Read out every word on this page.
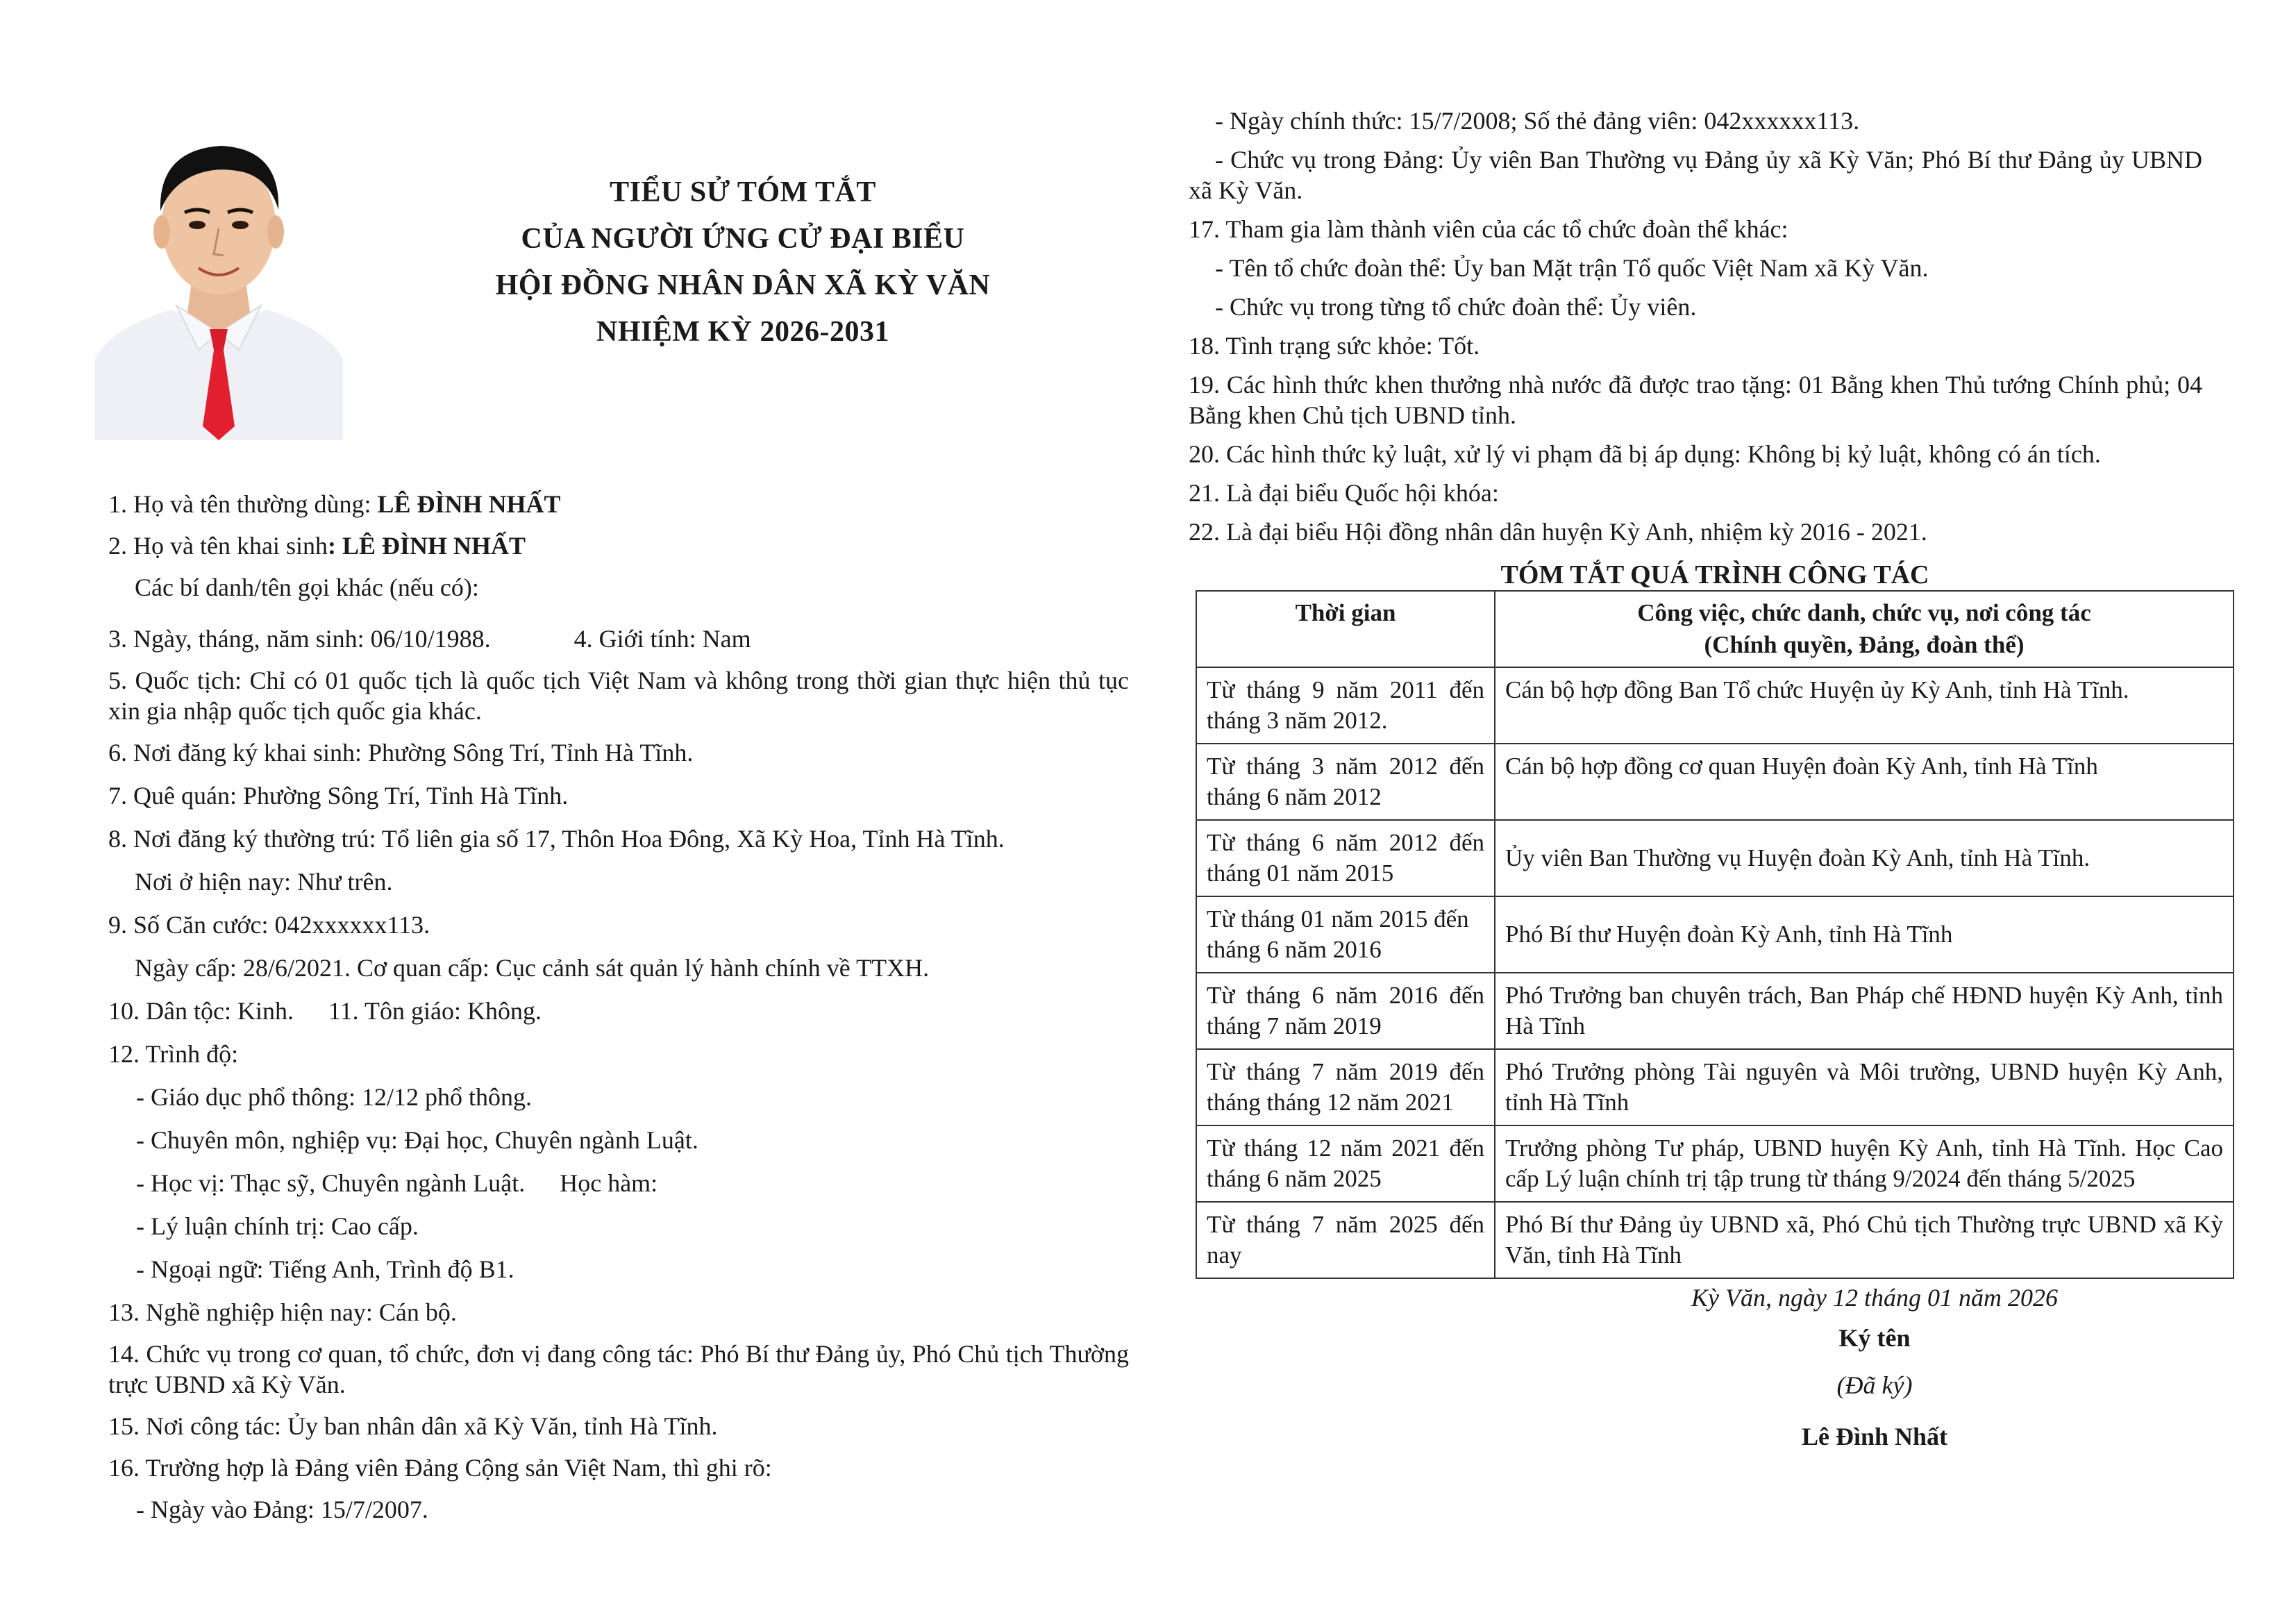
TIỂU SỬ TÓM TẮT
CỦA NGƯỜI ỨNG CỬ ĐẠI BIỂU
HỘI ĐỒNG NHÂN DÂN XÃ KỲ VĂN
NHIỆM KỲ 2026-2031
1. Họ và tên thường dùng: LÊ ĐÌNH NHẤT
2. Họ và tên khai sinh: LÊ ĐÌNH NHẤT
Các bí danh/tên gọi khác (nếu có):
3. Ngày, tháng, năm sinh: 06/10/1988.	4. Giới tính: Nam
5. Quốc tịch: Chỉ có 01 quốc tịch là quốc tịch Việt Nam và không trong thời gian thực hiện thủ tục xin gia nhập quốc tịch quốc gia khác.
6. Nơi đăng ký khai sinh: Phường Sông Trí, Tỉnh Hà Tĩnh.
7. Quê quán: Phường Sông Trí, Tỉnh Hà Tĩnh.
8. Nơi đăng ký thường trú: Tổ liên gia số 17, Thôn Hoa Đông, Xã Kỳ Hoa, Tỉnh Hà Tĩnh.
Nơi ở hiện nay: Như trên.
9. Số Căn cước: 042xxxxxx113.
Ngày cấp: 28/6/2021. Cơ quan cấp: Cục cảnh sát quản lý hành chính về TTXH.
10. Dân tộc: Kinh. 11. Tôn giáo: Không.
12. Trình độ:
- Giáo dục phổ thông: 12/12 phổ thông.
- Chuyên môn, nghiệp vụ: Đại học, Chuyên ngành Luật.
- Học vị: Thạc sỹ, Chuyên ngành Luật. Học hàm:
- Lý luận chính trị: Cao cấp.
- Ngoại ngữ: Tiếng Anh, Trình độ B1.
13. Nghề nghiệp hiện nay: Cán bộ.
14. Chức vụ trong cơ quan, tổ chức, đơn vị đang công tác: Phó Bí thư Đảng ủy, Phó Chủ tịch Thường trực UBND xã Kỳ Văn.
15. Nơi công tác: Ủy ban nhân dân xã Kỳ Văn, tỉnh Hà Tĩnh.
16. Trường hợp là Đảng viên Đảng Cộng sản Việt Nam, thì ghi rõ:
- Ngày vào Đảng: 15/7/2007.
- Ngày chính thức: 15/7/2008; Số thẻ đảng viên: 042xxxxxx113.
- Chức vụ trong Đảng: Ủy viên Ban Thường vụ Đảng ủy xã Kỳ Văn; Phó Bí thư Đảng ủy UBND xã Kỳ Văn.
17. Tham gia làm thành viên của các tổ chức đoàn thể khác:
- Tên tổ chức đoàn thể: Ủy ban Mặt trận Tổ quốc Việt Nam xã Kỳ Văn.
- Chức vụ trong từng tổ chức đoàn thể: Ủy viên.
18. Tình trạng sức khỏe: Tốt.
19. Các hình thức khen thưởng nhà nước đã được trao tặng: 01 Bằng khen Thủ tướng Chính phủ; 04 Bằng khen Chủ tịch UBND tỉnh.
20. Các hình thức kỷ luật, xử lý vi phạm đã bị áp dụng: Không bị kỷ luật, không có án tích.
21. Là đại biểu Quốc hội khóa:
22. Là đại biểu Hội đồng nhân dân huyện Kỳ Anh, nhiệm kỳ 2016 - 2021.
TÓM TẮT QUÁ TRÌNH CÔNG TÁC
Thời gian	Công việc, chức danh, chức vụ, nơi công tác
(Chính quyền, Đảng, đoàn thể)

Từ tháng 9 năm 2011 đến tháng 3 năm 2012.	Cán bộ hợp đồng Ban Tổ chức Huyện ủy Kỳ Anh, tỉnh Hà Tĩnh.
Từ tháng 3 năm 2012 đến tháng 6 năm 2012	Cán bộ hợp đồng cơ quan Huyện đoàn Kỳ Anh, tỉnh Hà Tĩnh
Từ tháng 6 năm 2012 đến tháng 01 năm 2015	Ủy viên Ban Thường vụ Huyện đoàn Kỳ Anh, tỉnh Hà Tĩnh.
Từ tháng 01 năm 2015 đến tháng 6 năm 2016	Phó Bí thư Huyện đoàn Kỳ Anh, tỉnh Hà Tĩnh
Từ tháng 6 năm 2016 đến tháng 7 năm 2019	Phó Trưởng ban chuyên trách, Ban Pháp chế HĐND huyện Kỳ Anh, tỉnh Hà Tĩnh
Từ tháng 7 năm 2019 đến tháng tháng 12 năm 2021	Phó Trưởng phòng Tài nguyên và Môi trường, UBND huyện Kỳ Anh, tỉnh Hà Tĩnh
Từ tháng 12 năm 2021 đến tháng 6 năm 2025	Trưởng phòng Tư pháp, UBND huyện Kỳ Anh, tỉnh Hà Tĩnh. Học Cao cấp Lý luận chính trị tập trung từ tháng 9/2024 đến tháng 5/2025
Từ tháng 7 năm 2025 đến nay	Phó Bí thư Đảng ủy UBND xã, Phó Chủ tịch Thường trực UBND xã Kỳ Văn, tỉnh Hà Tĩnh
Kỳ Văn, ngày 12 tháng 01 năm 2026
Ký tên
(Đã ký)
Lê Đình Nhất
